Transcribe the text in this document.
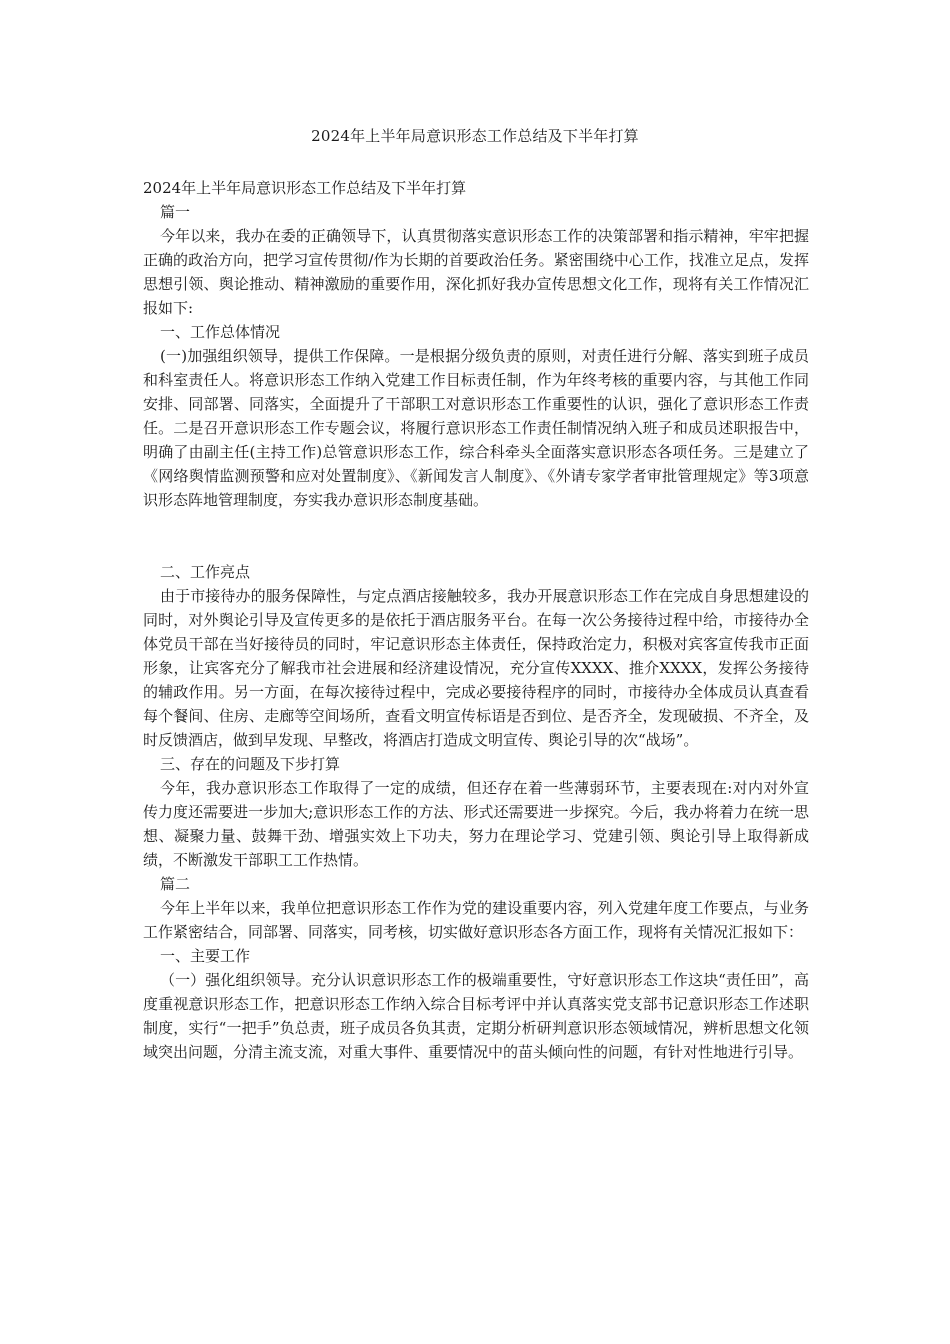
2024年上半年局意识形态工作总结及下半年打算

2024年上半年局意识形态工作总结及下半年打算

篇一

今年以来，我办在委的正确领导下，认真贯彻落实意识形态工作的决策部署和指示精神，牢牢把握正确的政治方向，把学习宣传贯彻/作为长期的首要政治任务。紧密围绕中心工作，找准立足点，发挥思想引领、舆论推动、精神激励的重要作用，深化抓好我办宣传思想文化工作，现将有关工作情况汇报如下:

一、工作总体情况

(一)加强组织领导，提供工作保障。一是根据分级负责的原则，对责任进行分解、落实到班子成员和科室责任人。将意识形态工作纳入党建工作目标责任制，作为年终考核的重要内容，与其他工作同安排、同部署、同落实，全面提升了干部职工对意识形态工作重要性的认识，强化了意识形态工作责任。二是召开意识形态工作专题会议，将履行意识形态工作责任制情况纳入班子和成员述职报告中，明确了由副主任(主持工作)总管意识形态工作，综合科牵头全面落实意识形态各项任务。三是建立了《网络舆情监测预警和应对处置制度》、《新闻发言人制度》、《外请专家学者审批管理规定》等3项意识形态阵地管理制度，夯实我办意识形态制度基础。

二、工作亮点

由于市接待办的服务保障性，与定点酒店接触较多，我办开展意识形态工作在完成自身思想建设的同时，对外舆论引导及宣传更多的是依托于酒店服务平台。在每一次公务接待过程中给，市接待办全体党员干部在当好接待员的同时，牢记意识形态主体责任，保持政治定力，积极对宾客宣传我市正面形象，让宾客充分了解我市社会进展和经济建设情况，充分宣传XXXX、推介XXXX，发挥公务接待的辅政作用。另一方面，在每次接待过程中，完成必要接待程序的同时，市接待办全体成员认真查看每个餐间、住房、走廊等空间场所，查看文明宣传标语是否到位、是否齐全，发现破损、不齐全，及时反馈酒店，做到早发现、早整改，将酒店打造成文明宣传、舆论引导的次“战场”。

三、存在的问题及下步打算

今年，我办意识形态工作取得了一定的成绩，但还存在着一些薄弱环节，主要表现在:对内对外宣传力度还需要进一步加大;意识形态工作的方法、形式还需要进一步探究。今后，我办将着力在统一思想、凝聚力量、鼓舞干劲、增强实效上下功夫，努力在理论学习、党建引领、舆论引导上取得新成绩，不断激发干部职工工作热情。

篇二

今年上半年以来，我单位把意识形态工作作为党的建设重要内容，列入党建年度工作要点，与业务工作紧密结合，同部署、同落实，同考核，切实做好意识形态各方面工作，现将有关情况汇报如下：

一、主要工作

（一）强化组织领导。充分认识意识形态工作的极端重要性，守好意识形态工作这块“责任田”，高度重视意识形态工作，把意识形态工作纳入综合目标考评中并认真落实党支部书记意识形态工作述职制度，实行“一把手”负总责，班子成员各负其责，定期分析研判意识形态领域情况，辨析思想文化领域突出问题，分清主流支流，对重大事件、重要情况中的苗头倾向性的问题，有针对性地进行引导。
